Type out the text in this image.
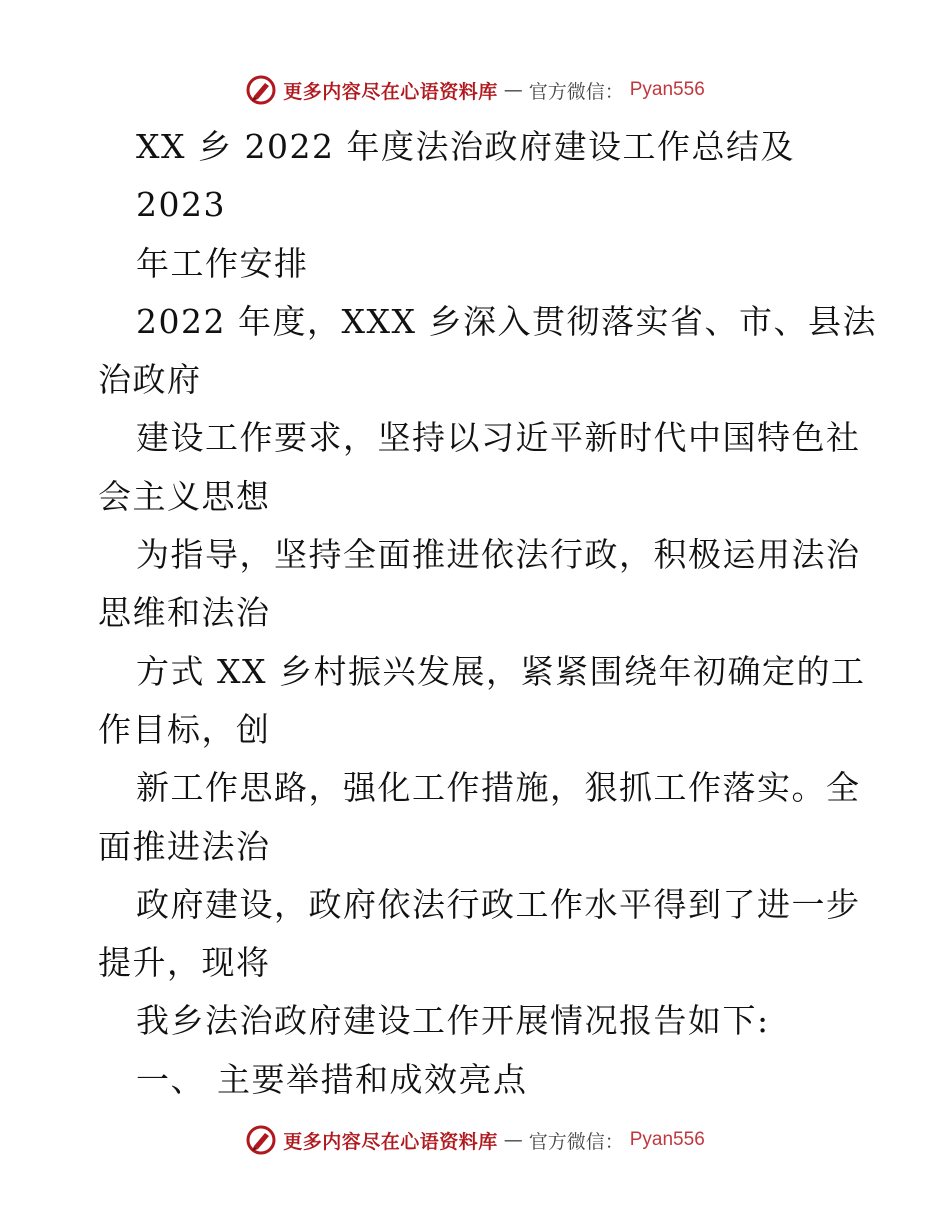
更多内容尽在心语资料库 — 官方微信： Pyan556
XX 乡 2022 年度法治政府建设工作总结及
2023
年工作安排
2022 年度，XXX 乡深入贯彻落实省、市、县法
治政府
建设工作要求，坚持以习近平新时代中国特色社
会主义思想
为指导，坚持全面推进依法行政，积极运用法治
思维和法治
方式 XX 乡村振兴发展，紧紧围绕年初确定的工
作目标，创
新工作思路，强化工作措施，狠抓工作落实。全
面推进法治
政府建设，政府依法行政工作水平得到了进一步
提升，现将
我乡法治政府建设工作开展情况报告如下:
一、 主要举措和成效亮点
更多内容尽在心语资料库 — 官方微信： Pyan556
